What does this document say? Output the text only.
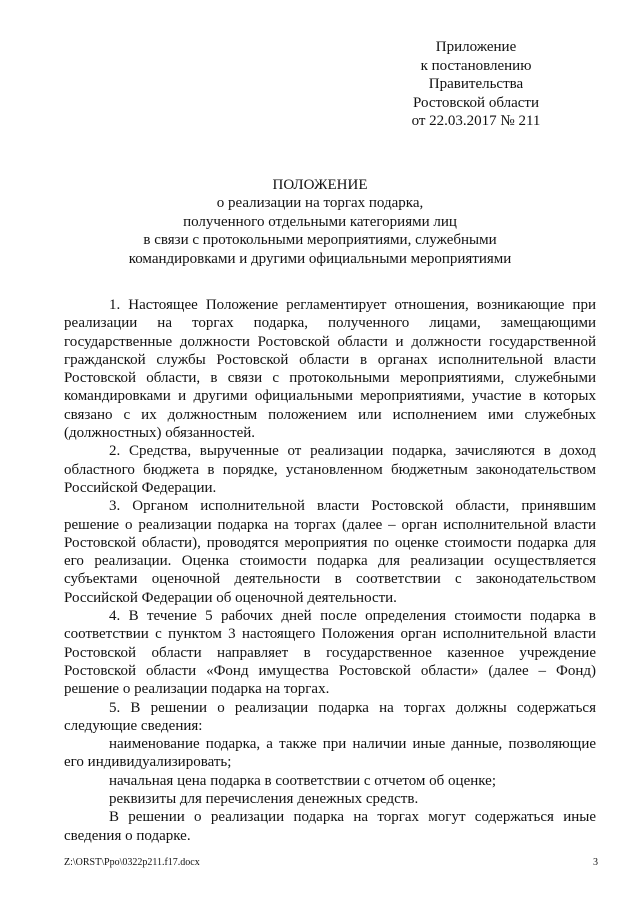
Приложение
к постановлению
Правительства
Ростовской области
от 22.03.2017 № 211
ПОЛОЖЕНИЕ
о реализации на торгах подарка,
полученного отдельными категориями лиц
в связи с протокольными мероприятиями, служебными
командировками и другими официальными мероприятиями

1. Настоящее Положение регламентирует отношения, возникающие при реализации на торгах подарка, полученного лицами, замещающими государственные должности Ростовской области и должности государственной гражданской службы Ростовской области в органах исполнительной власти Ростовской области, в связи с протокольными мероприятиями, служебными командировками и другими официальными мероприятиями, участие в которых связано с их должностным положением или исполнением ими служебных (должностных) обязанностей.

2. Средства, вырученные от реализации подарка, зачисляются в доход областного бюджета в порядке, установленном бюджетным законодательством Российской Федерации.

3. Органом исполнительной власти Ростовской области, принявшим решение о реализации подарка на торгах (далее – орган исполнительной власти Ростовской области), проводятся мероприятия по оценке стоимости подарка для его реализации. Оценка стоимости подарка для реализации осуществляется субъектами оценочной деятельности в соответствии с законодательством Российской Федерации об оценочной деятельности.

4. В течение 5 рабочих дней после определения стоимости подарка в соответствии с пунктом 3 настоящего Положения орган исполнительной власти Ростовской области направляет в государственное казенное учреждение Ростовской области «Фонд имущества Ростовской области» (далее – Фонд) решение о реализации подарка на торгах.

5. В решении о реализации подарка на торгах должны содержаться следующие сведения:

наименование подарка, а также при наличии иные данные, позволяющие его индивидуализировать;

начальная цена подарка в соответствии с отчетом об оценке;

реквизиты для перечисления денежных средств.

В решении о реализации подарка на торгах могут содержаться иные сведения о подарке.

Z:\ORST\Ppo\0322p211.f17.docx	3
